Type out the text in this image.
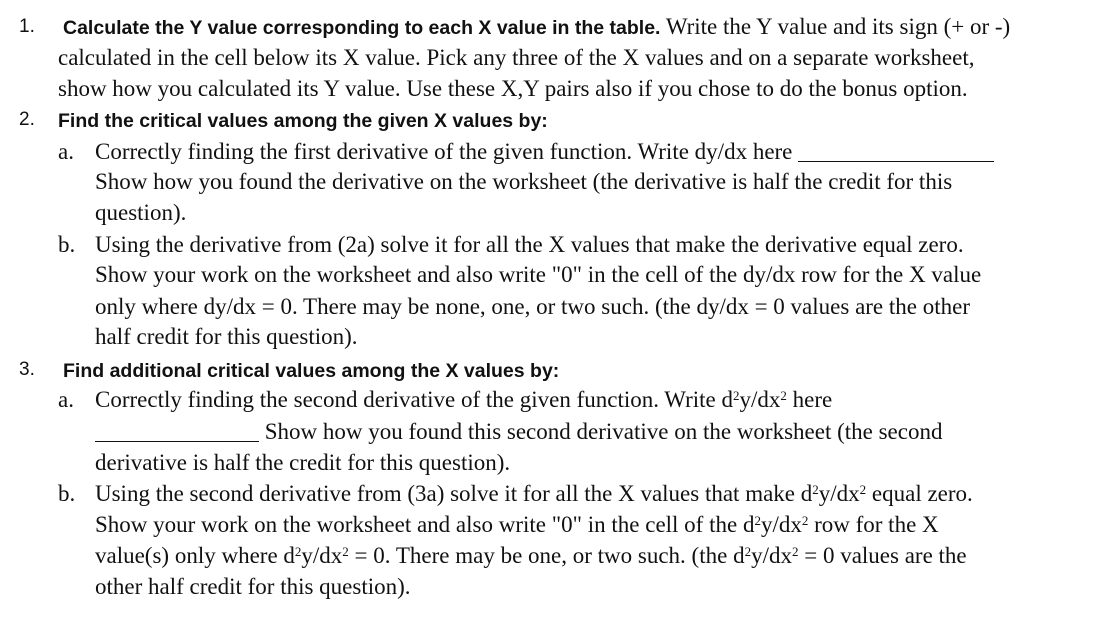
1. Calculate the Y value corresponding to each X value in the table. Write the Y value and its sign (+ or -)
calculated in the cell below its X value. Pick any three of the X values and on a separate worksheet,
show how you calculated its Y value. Use these X,Y pairs also if you chose to do the bonus option.
2. Find the critical values among the given X values by:
a. Correctly finding the first derivative of the given function. Write dy/dx here
Show how you found the derivative on the worksheet (the derivative is half the credit for this
question).
b. Using the derivative from (2a) solve it for all the X values that make the derivative equal zero.
Show your work on the worksheet and also write "0" in the cell of the dy/dx row for the X value
only where dy/dx = 0. There may be none, one, or two such. (the dy/dx = 0 values are the other
half credit for this question).
3. Find additional critical values among the X values by:
a. Correctly finding the second derivative of the given function. Write $d^2y/dx^2$ here
Show how you found this second derivative on the worksheet (the second
derivative is half the credit for this question).
b. Using the second derivative from (3a) solve it for all the X values that make $d^2y/dx^2$ equal zero.
Show your work on the worksheet and also write "0" in the cell of the $d^2y/dx^2$ row for the X
value(s) only where $d^2y/dx^2 = 0$. There may be one, or two such. (the $d^2y/dx^2 = 0$ values are the
other half credit for this question).
